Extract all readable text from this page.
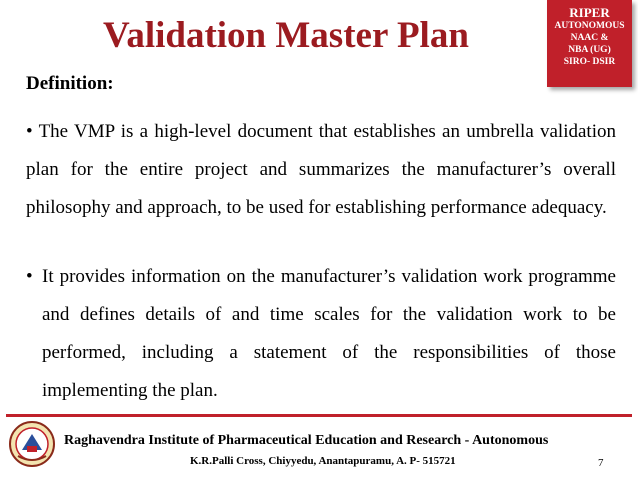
Validation Master Plan
RIPER
AUTONOMOUS
NAAC &
NBA (UG)
SIRO- DSIR
Definition:
• The VMP is a high-level document that establishes an umbrella validation plan for the entire project and summarizes the manufacturer’s overall philosophy and approach, to be used for establishing performance adequacy.
• It provides information on the manufacturer’s validation work programme and defines details of and time scales for the validation work to be performed, including a statement of the responsibilities of those implementing the plan.
Raghavendra Institute of Pharmaceutical Education and Research - Autonomous
K.R.Palli Cross, Chiyyedu, Anantapuramu, A. P- 515721	7
